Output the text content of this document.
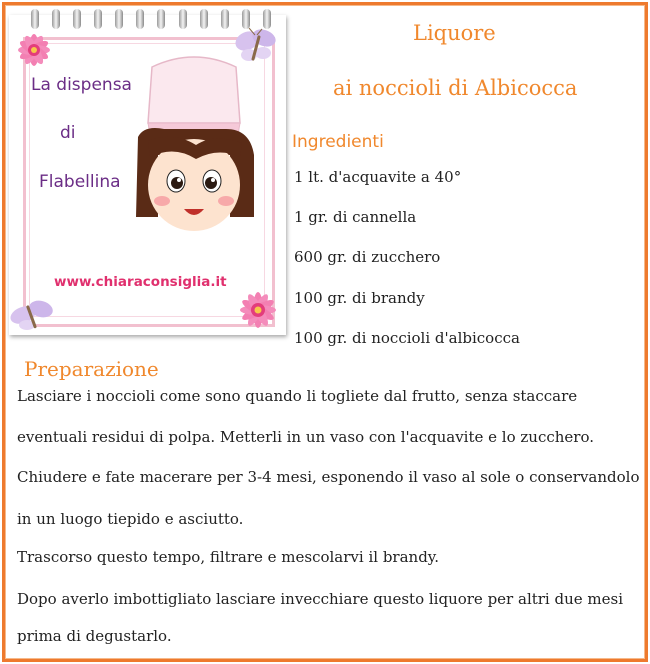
La dispensa
di
Flabellina
www.chiaraconsiglia.it
Liquore
ai noccioli di Albicocca
Ingredienti
1 lt. d'acquavite a 40°
1 gr. di cannella
600 gr. di zucchero
100 gr. di brandy
100 gr. di noccioli d'albicocca
Preparazione
Lasciare i noccioli come sono quando li togliete dal frutto, senza staccare
eventuali residui di polpa. Metterli in un vaso con l'acquavite e lo zucchero.
Chiudere e fate macerare per 3-4 mesi, esponendo il vaso al sole o conservandolo
in un luogo tiepido e asciutto.
Trascorso questo tempo, filtrare e mescolarvi il brandy.
Dopo averlo imbottigliato lasciare invecchiare questo liquore per altri due mesi
prima di degustarlo.
